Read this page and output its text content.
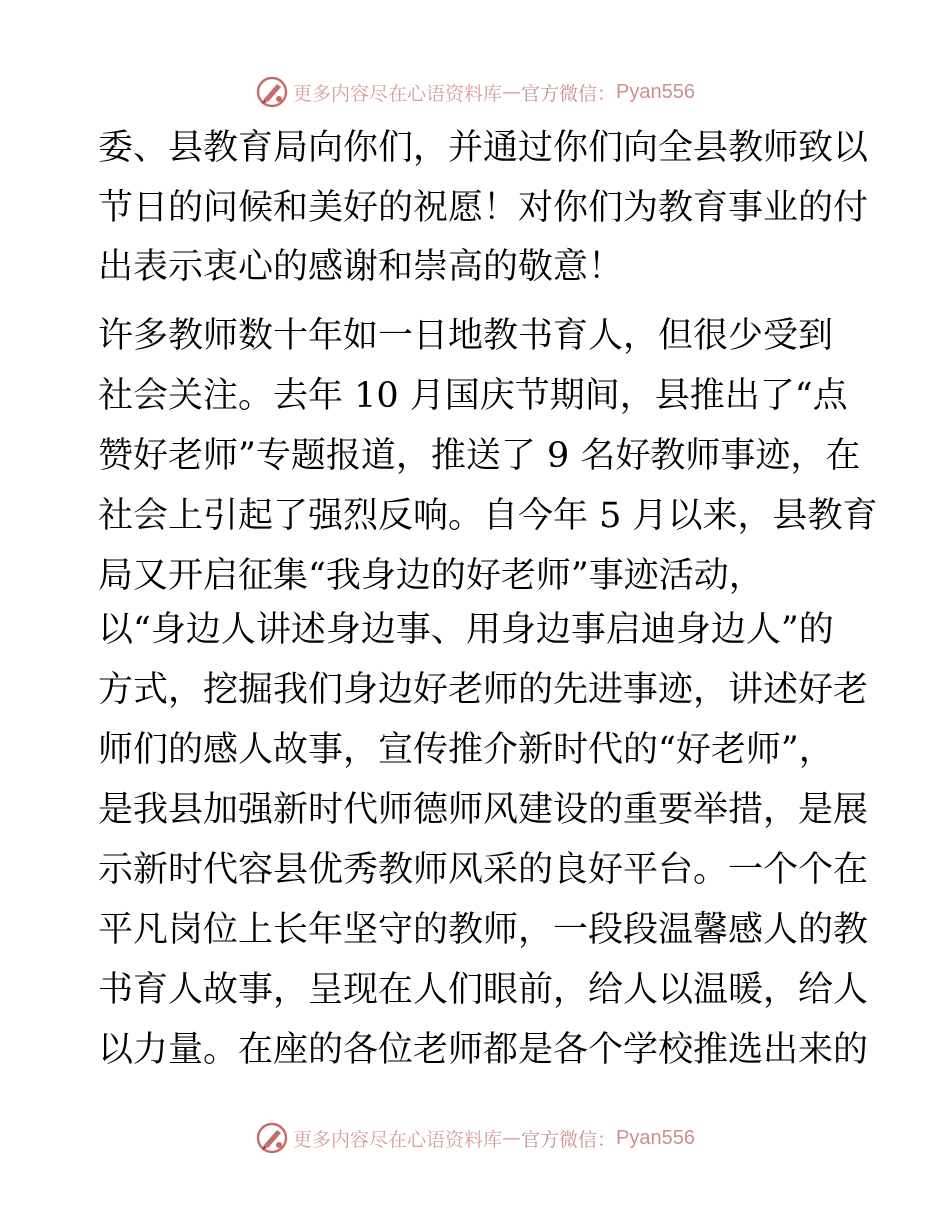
更多内容尽在心语资料库 — 官方微信： Pyan556
委、县教育局向你们，并通过你们向全县教师致以
节日的问候和美好的祝愿！对你们为教育事业的付
出表示衷心的感谢和崇高的敬意！
许多教师数十年如一日地教书育人，但很少受到
社会关注。去年 10 月国庆节期间，县推出了“点
赞好老师”专题报道，推送了 9 名好教师事迹，在
社会上引起了强烈反响。自今年 5 月以来，县教育
局又开启征集“我身边的好老师”事迹活动，
以“身边人讲述身边事、用身边事启迪身边人”的
方式，挖掘我们身边好老师的先进事迹，讲述好老
师们的感人故事，宣传推介新时代的“好老师”，
是我县加强新时代师德师风建设的重要举措，是展
示新时代容县优秀教师风采的良好平台。一个个在
平凡岗位上长年坚守的教师，一段段温馨感人的教
书育人故事，呈现在人们眼前，给人以温暖，给人
以力量。在座的各位老师都是各个学校推选出来的
更多内容尽在心语资料库 — 官方微信： Pyan556
